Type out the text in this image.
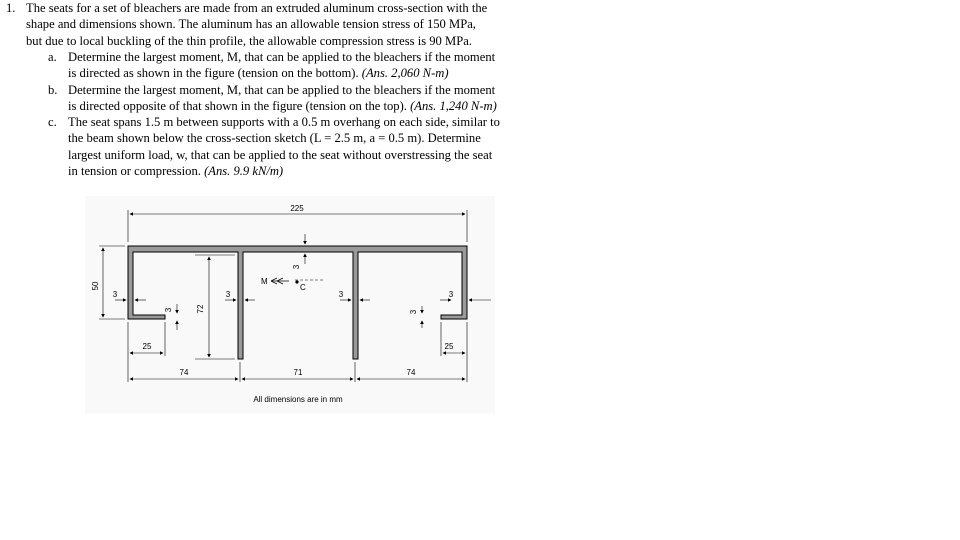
1. The seats for a set of bleachers are made from an extruded aluminum cross-section with the
shape and dimensions shown. The aluminum has an allowable tension stress of 150 MPa,
but due to local buckling of the thin profile, the allowable compression stress is 90 MPa.
a. Determine the largest moment, M, that can be applied to the bleachers if the moment
is directed as shown in the figure (tension on the bottom). (Ans. 2,060 N-m)
b. Determine the largest moment, M, that can be applied to the bleachers if the moment
is directed opposite of that shown in the figure (tension on the top). (Ans. 1,240 N-m)
c. The seat spans 1.5 m between supports with a 0.5 m overhang on each side, similar to
the beam shown below the cross-section sketch (L = 2.5 m, a = 0.5 m). Determine
largest uniform load, w, that can be applied to the seat without overstressing the seat
in tension or compression. (Ans. 9.9 kN/m)
C
M
225
50
72
74	71	74
25	25
3	3	3	3
3
3	3
All dimensions are in mm
